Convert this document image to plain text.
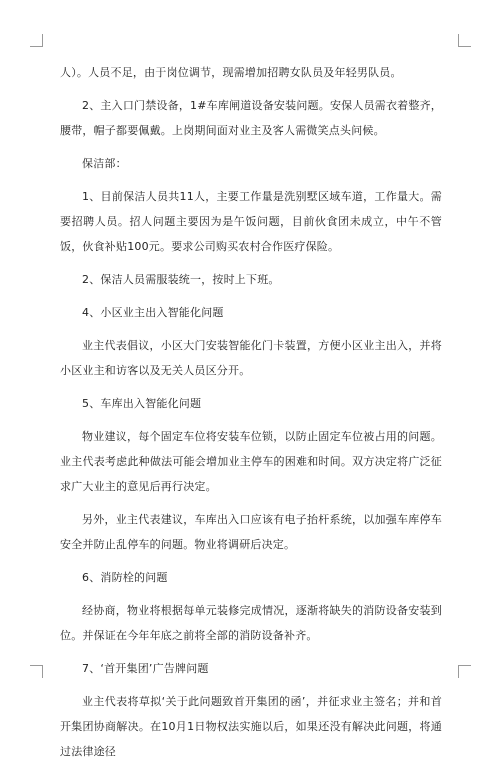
人）。人员不足，由于岗位调节，现需增加招聘女队员及年轻男队员。

2、主入口门禁设备，1#车库闸道设备安装问题。安保人员需衣着整齐，腰带，帽子都要佩戴。上岗期间面对业主及客人需微笑点头问候。

保洁部：

1、目前保洁人员共11人，主要工作量是洗别墅区域车道，工作量大。需要招聘人员。招人问题主要因为是午饭问题，目前伙食团未成立，中午不管饭，伙食补贴100元。要求公司购买农村合作医疗保险。

2、保洁人员需服装统一，按时上下班。

4、小区业主出入智能化问题

业主代表倡议，小区大门安装智能化门卡装置，方便小区业主出入，并将小区业主和访客以及无关人员区分开。

5、车库出入智能化问题

物业建议，每个固定车位将安装车位锁，以防止固定车位被占用的问题。业主代表考虑此种做法可能会增加业主停车的困难和时间。双方决定将广泛征求广大业主的意见后再行决定。

另外，业主代表建议，车库出入口应该有电子抬杆系统，以加强车库停车安全并防止乱停车的问题。物业将调研后决定。

6、消防栓的问题

经协商，物业将根据每单元装修完成情况，逐渐将缺失的消防设备安装到位。并保证在今年年底之前将全部的消防设备补齐。

7、‘首开集团’广告牌问题

业主代表将草拟‘关于此问题致首开集团的函’，并征求业主签名；并和首开集团协商解决。在10月1日物权法实施以后，如果还没有解决此问题，将通过法律途径
